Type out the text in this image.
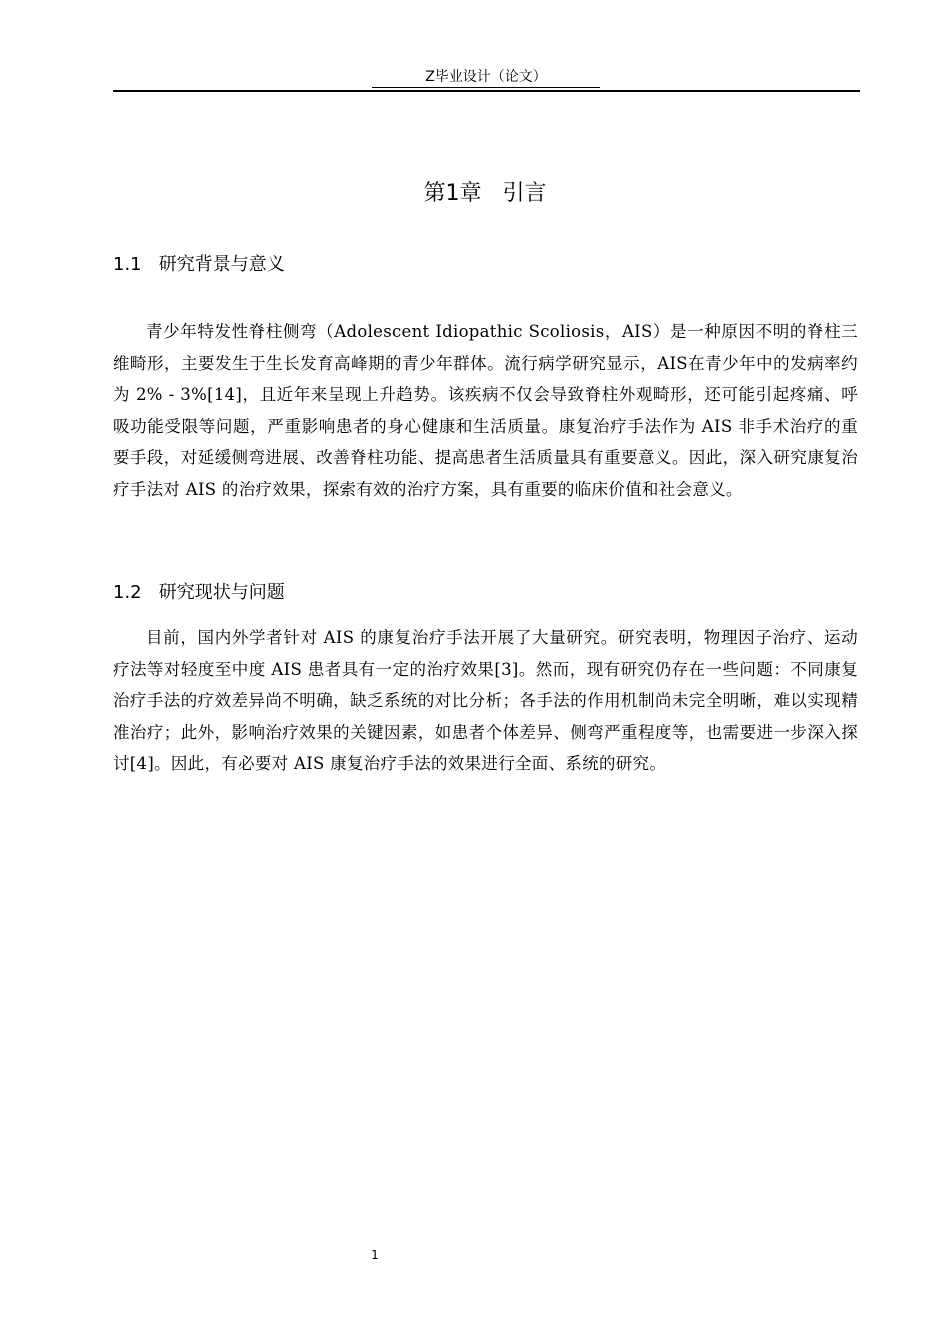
Z毕业设计（论文）
第1章   引言
1.1   研究背景与意义

青少年特发性脊柱侧弯（Adolescent Idiopathic Scoliosis，AIS）是一种原因不明的脊柱三维畸形，主要发生于生长发育高峰期的青少年群体。流行病学研究显示，AIS在青少年中的发病率约为 2% - 3%[14]，且近年来呈现上升趋势。该疾病不仅会导致脊柱外观畸形，还可能引起疼痛、呼吸功能受限等问题，严重影响患者的身心健康和生活质量。康复治疗手法作为 AIS 非手术治疗的重要手段，对延缓侧弯进展、改善脊柱功能、提高患者生活质量具有重要意义。因此，深入研究康复治疗手法对 AIS 的治疗效果，探索有效的治疗方案，具有重要的临床价值和社会意义。

1.2   研究现状与问题

目前，国内外学者针对 AIS 的康复治疗手法开展了大量研究。研究表明，物理因子治疗、运动疗法等对轻度至中度 AIS 患者具有一定的治疗效果[3]。然而，现有研究仍存在一些问题：不同康复治疗手法的疗效差异尚不明确，缺乏系统的对比分析；各手法的作用机制尚未完全明晰，难以实现精准治疗；此外，影响治疗效果的关键因素，如患者个体差异、侧弯严重程度等，也需要进一步深入探讨[4]。因此，有必要对 AIS 康复治疗手法的效果进行全面、系统的研究。

1
